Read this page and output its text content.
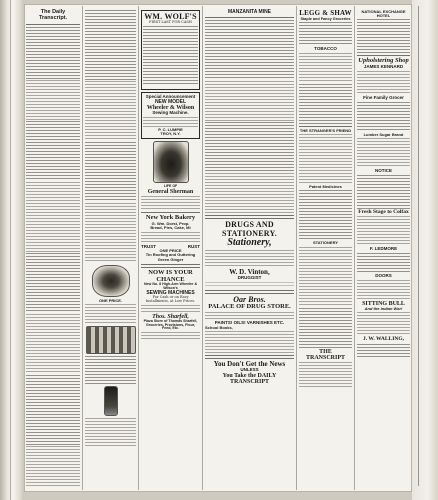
The Daily Transcript.
ONE PRICE.
WM. WOLF'S
FIRST LAST FOR CASH
Special Announcement
NEW MODEL
Wheeler & Wilson
Sewing Machine.
P. C. LUMPIE
TROY, N.Y.
LIFE OF
General Sherman
New York Bakery
G. Wm. Dorst, Prop.
Bread, Pies, Cake, Mi
TRUST	RUST
ONE PRICE
Tin Roofing and Guttering
Green Ginger
NOW IS YOUR CHANCE
New No. 8 High-Arm Wheeler & Wilson's
SEWING MACHINES
For Cash or on Easy Installments, at Low Prices.
Thos. Sharfell,
Plaza Store of Thomas Sharfell,
Groceries, Provisions, Flour, Feed, Etc.
MANZANITA MINE
DRUGS AND STATIONERY.
Stationery,
W. D. Vinton,
DRUGGIST
Oar Bros.
PALACE OF DRUG STORE.
PAINTS! OILS! VARNISHES ETC.
School Books,
You Don't Get the News
UNLESS
You Take the DAILY TRANSCRIPT
LEGG & SHAW
Staple and Fancy Groceries
TOBACCO
THE STRANGER'S FRIEND
Patent Medicines
STATIONERY
THE TRANSCRIPT
NATIONAL EXCHANGE HOTEL
Upholstering Shop
JAMES KENNARD
Fine Family Grocer
Lumber Sugar Brand
NOTICE
Fresh Stage to Colfax
F. LEDMORE
DOORS
SITTING BULL
And the Indian War!
J. W. WALLING,
